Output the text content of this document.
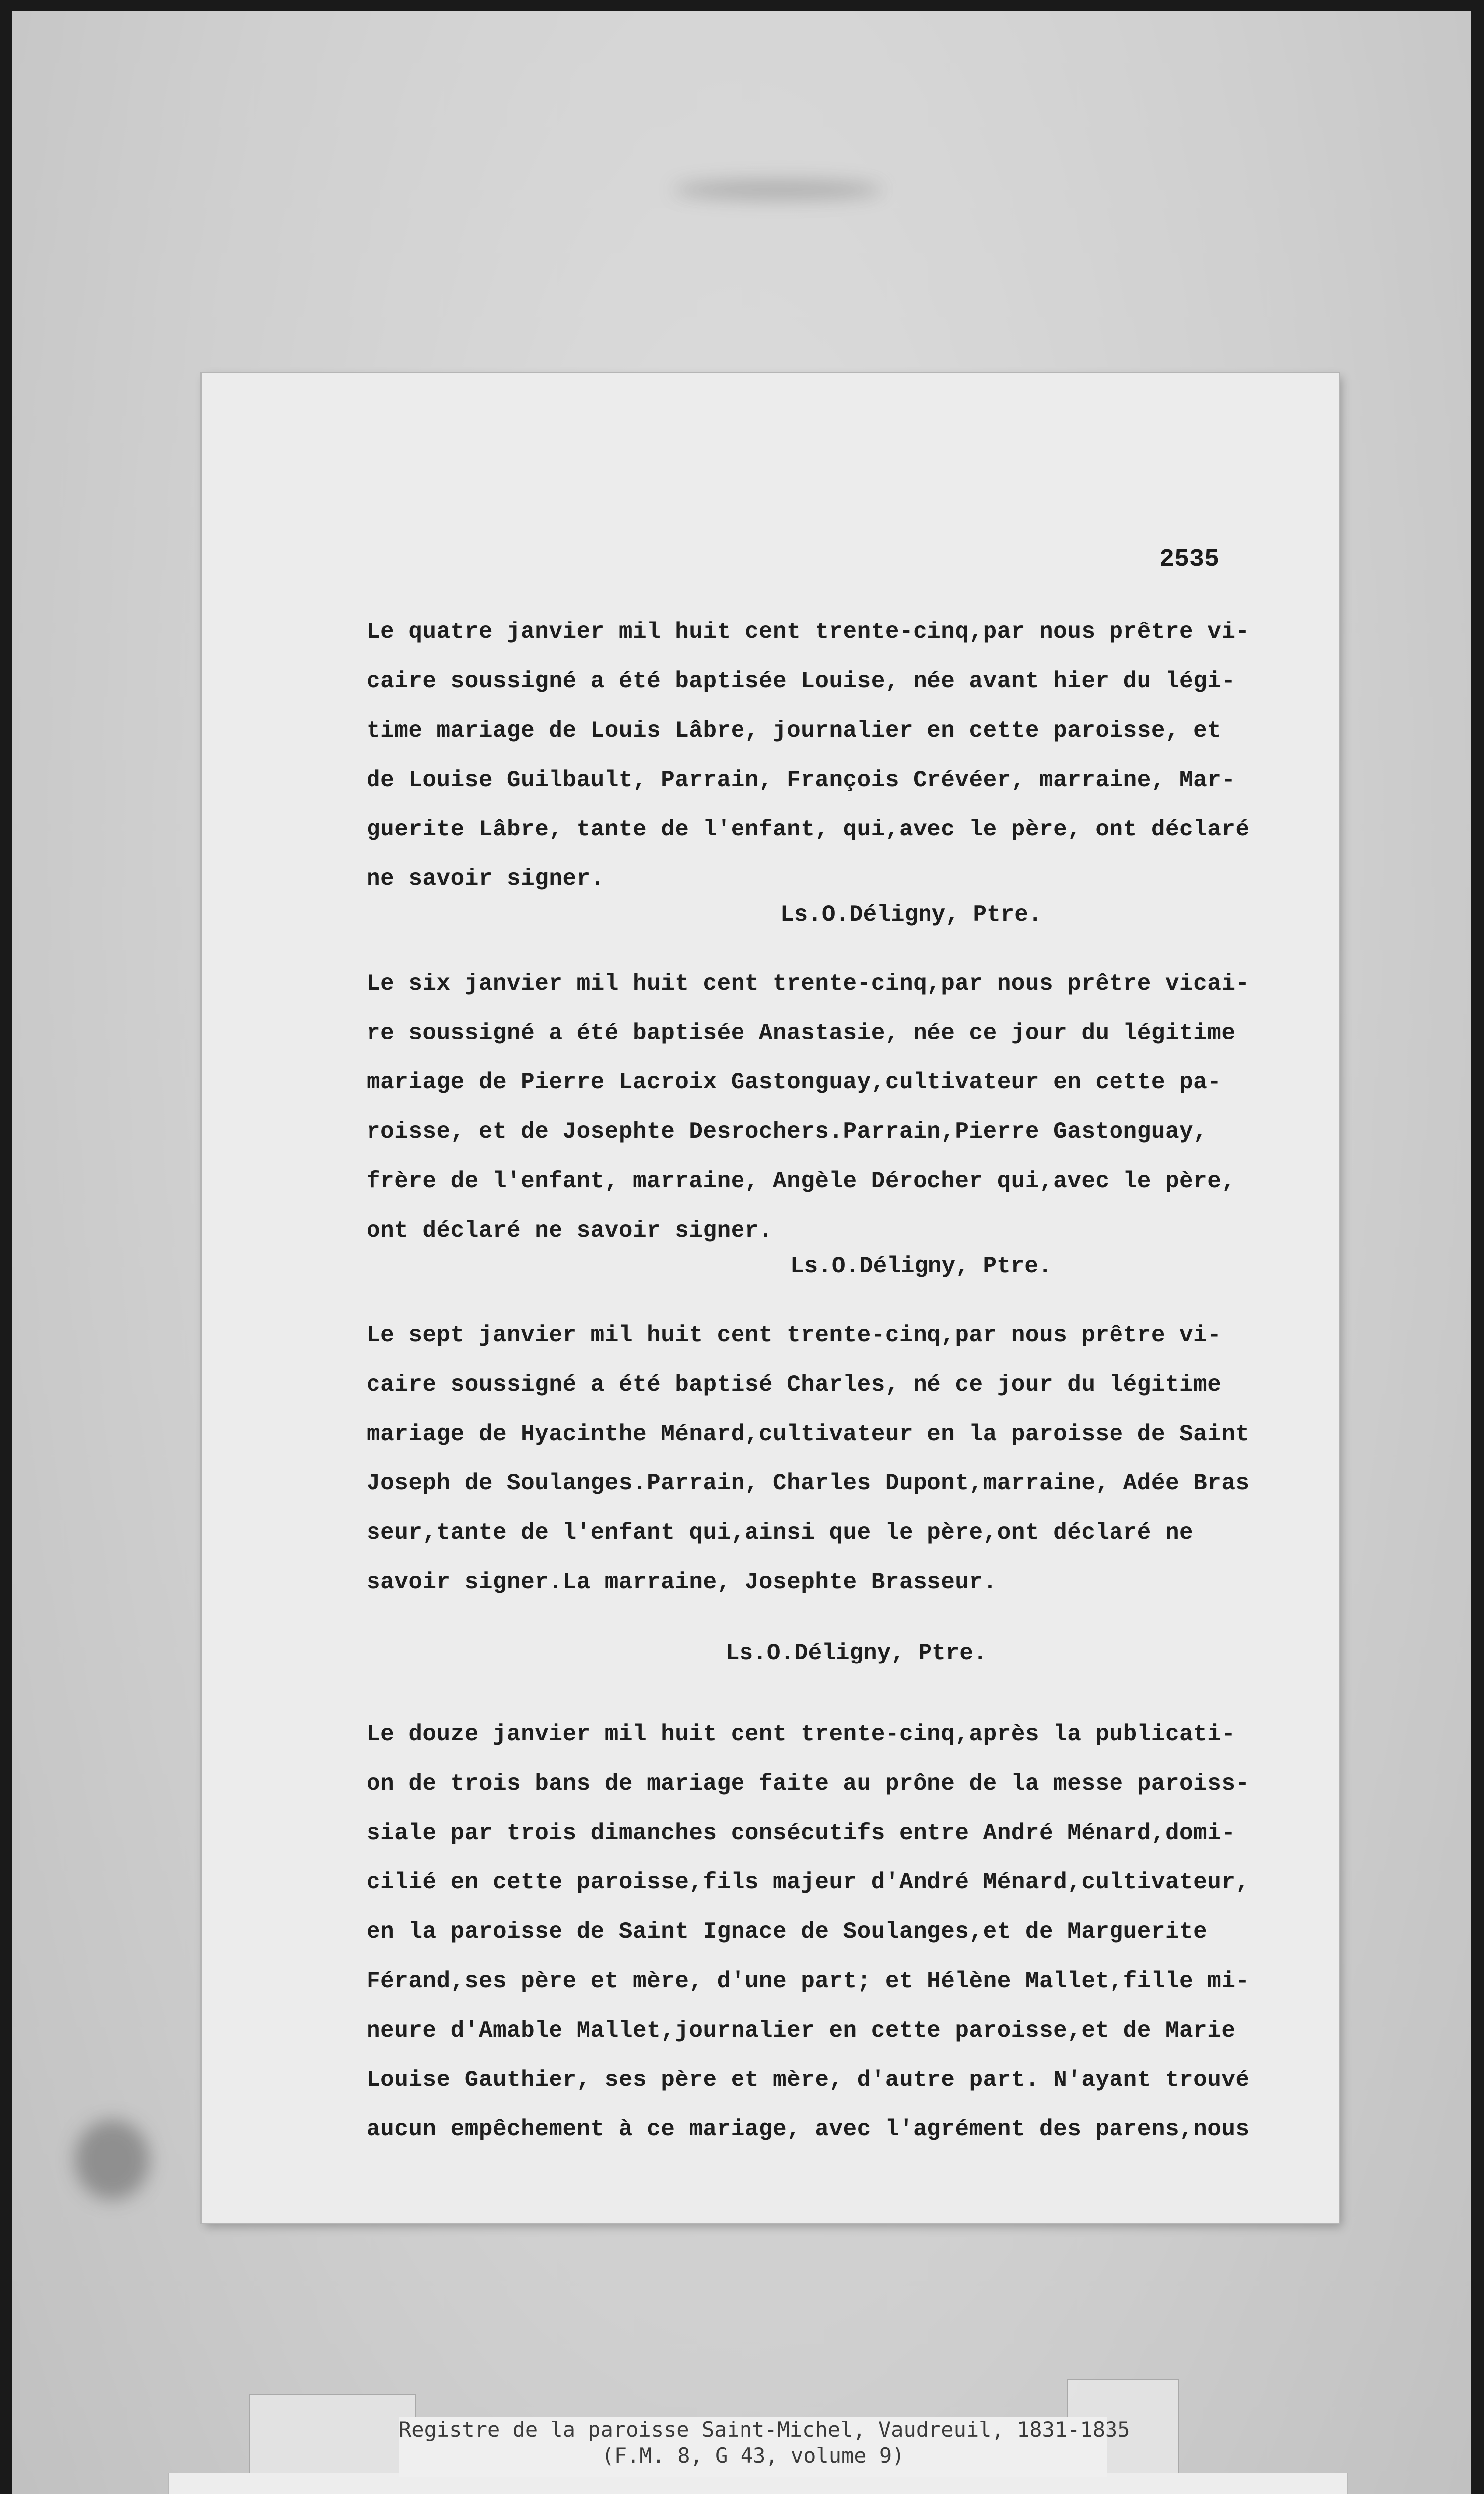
2535
Le quatre janvier mil huit cent trente-cinq,par nous prêtre vi-
caire soussigné a été baptisée Louise, née avant hier du légi-
time mariage de Louis Lâbre, journalier en cette paroisse, et
de Louise Guilbault, Parrain, François Crévéer, marraine, Mar-
guerite Lâbre, tante de l'enfant, qui,avec le père, ont déclaré
ne savoir signer.
Ls.O.Déligny, Ptre.
Le six janvier mil huit cent trente-cinq,par nous prêtre vicai-
re soussigné a été baptisée Anastasie, née ce jour du légitime
mariage de Pierre Lacroix Gastonguay,cultivateur en cette pa-
roisse, et de Josephte Desrochers.Parrain,Pierre Gastonguay,
frère de l'enfant, marraine, Angèle Dérocher qui,avec le père,
ont déclaré ne savoir signer.
Ls.O.Déligny, Ptre.
Le sept janvier mil huit cent trente-cinq,par nous prêtre vi-
caire soussigné a été baptisé Charles, né ce jour du légitime
mariage de Hyacinthe Ménard,cultivateur en la paroisse de Saint
Joseph de Soulanges.Parrain, Charles Dupont,marraine, Adée Bras
seur,tante de l'enfant qui,ainsi que le père,ont déclaré ne
savoir signer.La marraine, Josephte Brasseur.
Ls.O.Déligny, Ptre.
Le douze janvier mil huit cent trente-cinq,après la publicati-
on de trois bans de mariage faite au prône de la messe paroiss-
siale par trois dimanches consécutifs entre André Ménard,domi-
cilié en cette paroisse,fils majeur d'André Ménard,cultivateur,
en la paroisse de Saint Ignace de Soulanges,et de Marguerite
Férand,ses père et mère, d'une part; et Hélène Mallet,fille mi-
neure d'Amable Mallet,journalier en cette paroisse,et de Marie
Louise Gauthier, ses père et mère, d'autre part. N'ayant trouvé
aucun empêchement à ce mariage, avec l'agrément des parens,nous
Registre de la paroisse Saint-Michel, Vaudreuil, 1831-1835
(F.M. 8, G 43, volume 9)
